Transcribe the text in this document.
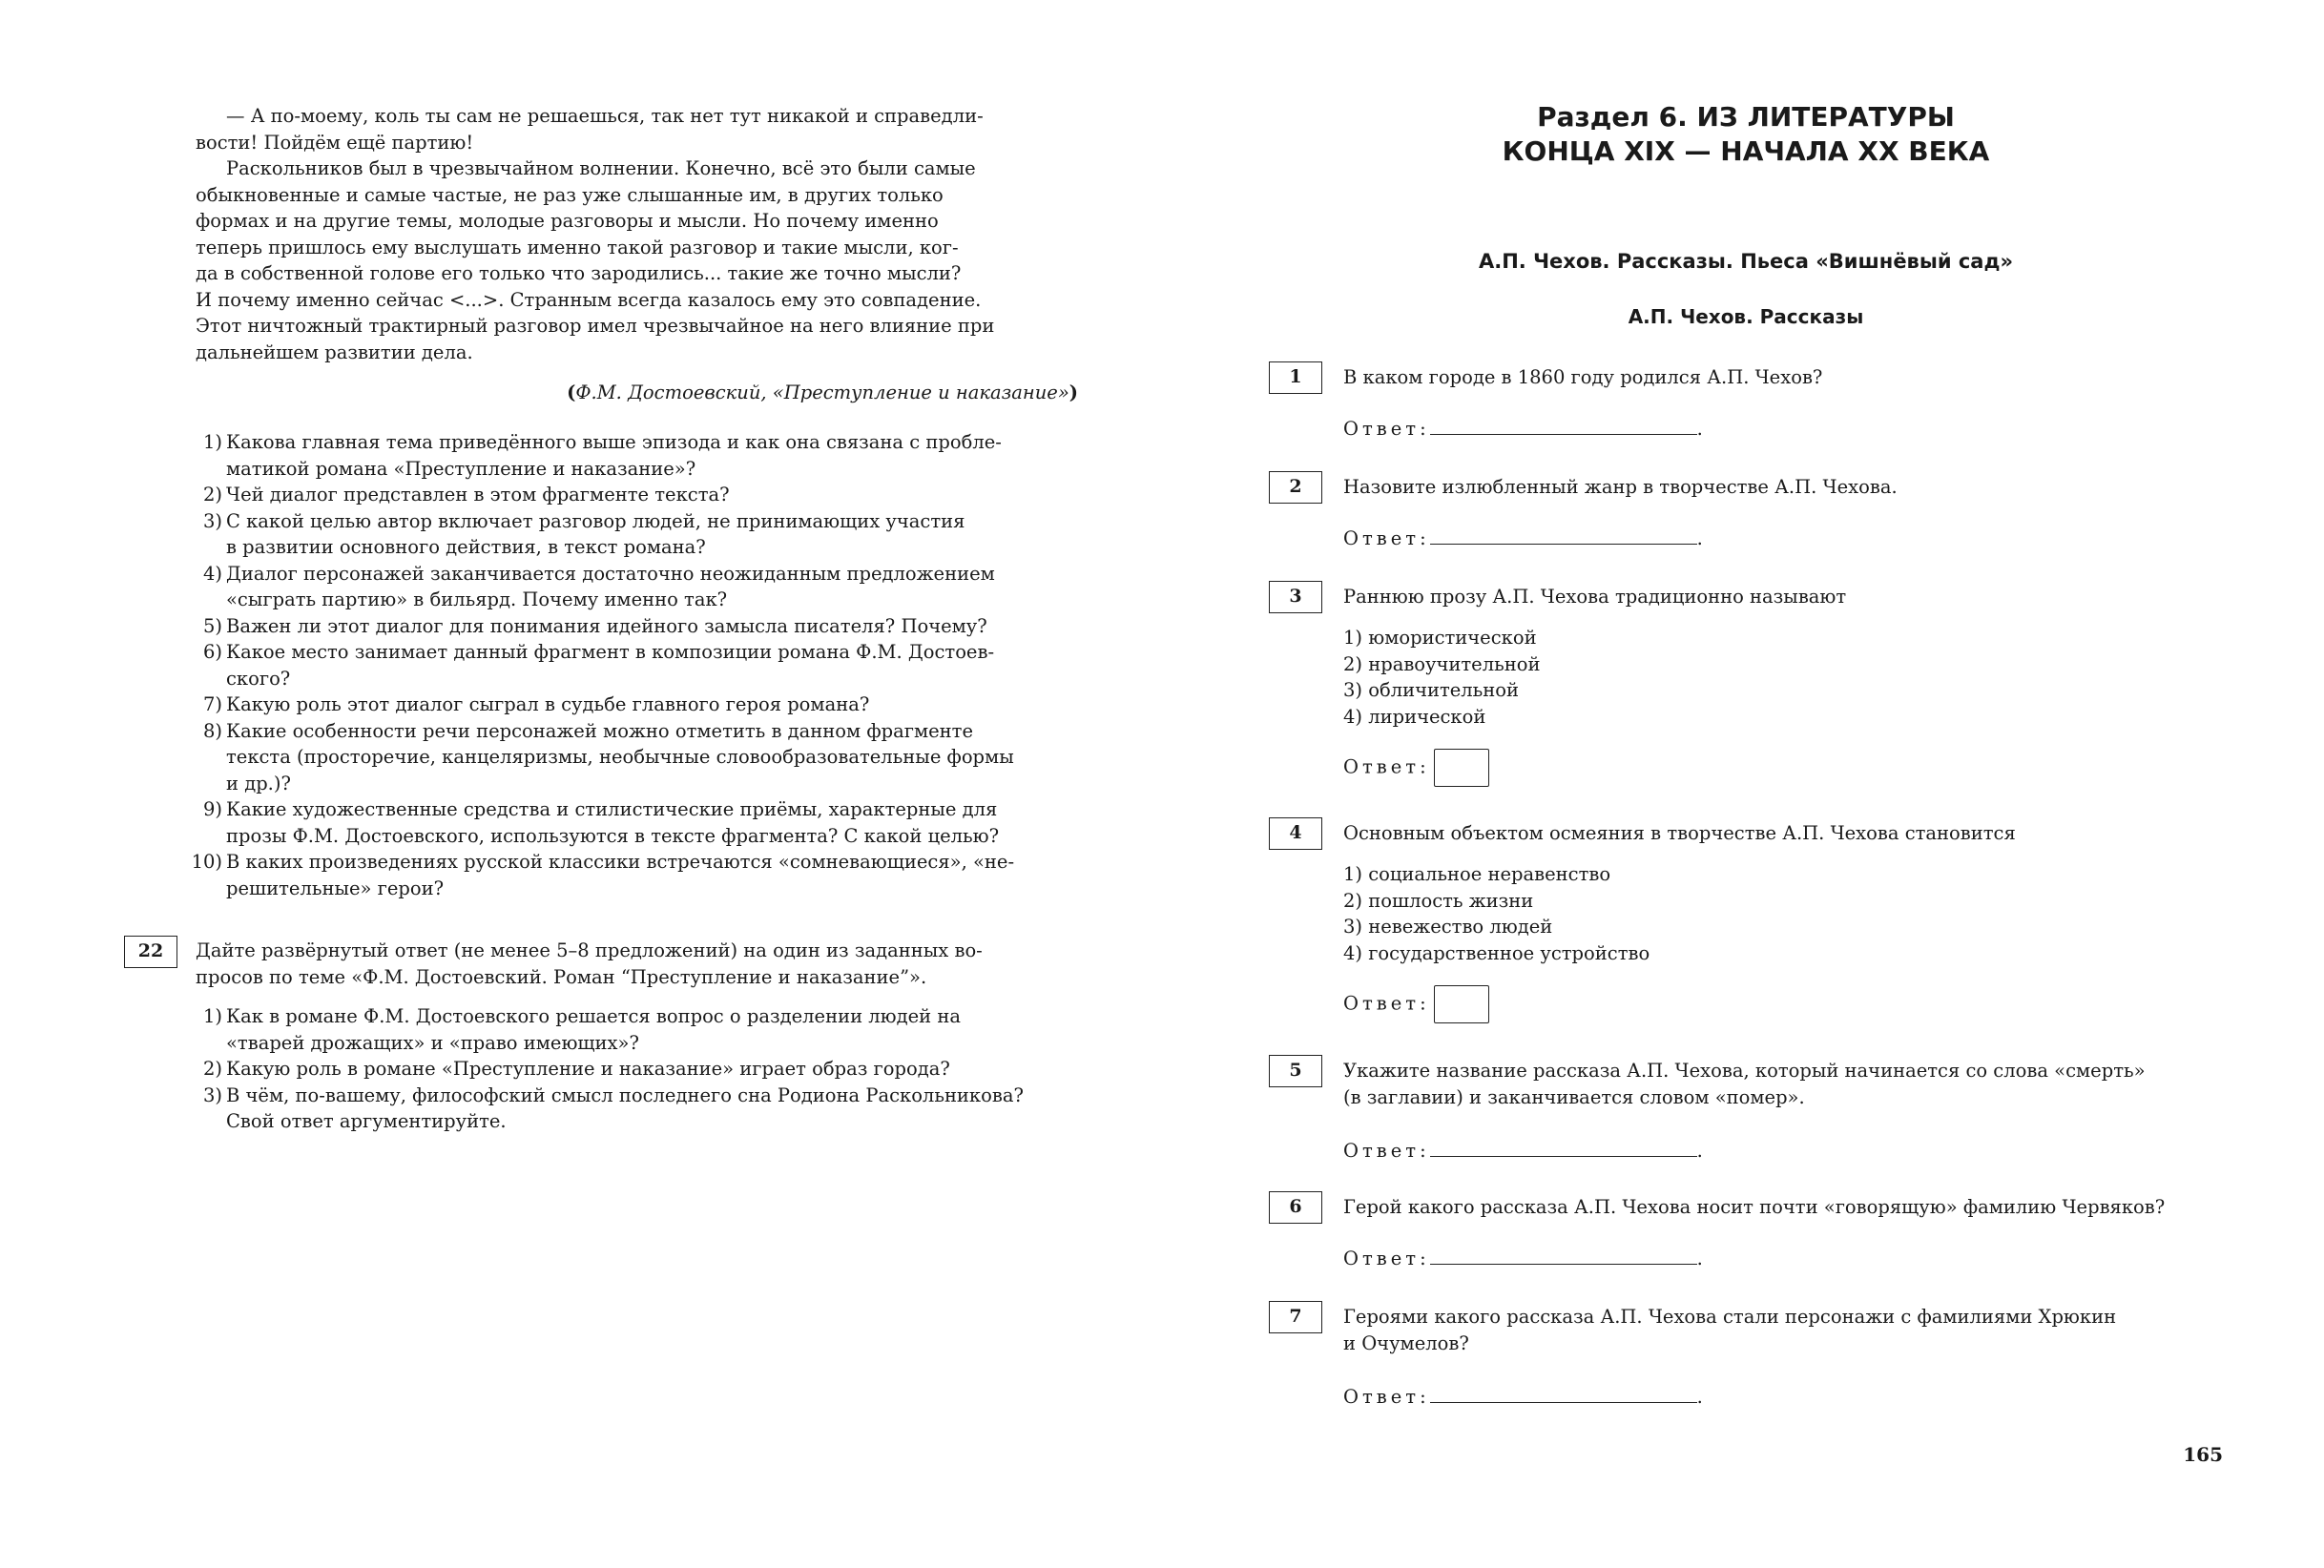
— А по-моему, коль ты сам не решаешься, так нет тут никакой и справедли-
вости! Пойдём ещё партию!
Раскольников был в чрезвычайном волнении. Конечно, всё это были самые
обыкновенные и самые частые, не раз уже слышанные им, в других только
формах и на другие темы, молодые разговоры и мысли. Но почему именно
теперь пришлось ему выслушать именно такой разговор и такие мысли, ког-
да в собственной голове его только что зародились... такие же точно мысли?
И почему именно сейчас <...>. Странным всегда казалось ему это совпадение.
Этот ничтожный трактирный разговор имел чрезвычайное на него влияние при
дальнейшем развитии дела.
(Ф.М. Достоевский, «Преступление и наказание»)
1) Какова главная тема приведённого выше эпизода и как она связана с пробле-
матикой романа «Преступление и наказание»?
2) Чей диалог представлен в этом фрагменте текста?
3) С какой целью автор включает разговор людей, не принимающих участия
в развитии основного действия, в текст романа?
4) Диалог персонажей заканчивается достаточно неожиданным предложением
«сыграть партию» в бильярд. Почему именно так?
5) Важен ли этот диалог для понимания идейного замысла писателя? Почему?
6) Какое место занимает данный фрагмент в композиции романа Ф.М. Достоев-
ского?
7) Какую роль этот диалог сыграл в судьбе главного героя романа?
8) Какие особенности речи персонажей можно отметить в данном фрагменте
текста (просторечие, канцеляризмы, необычные словообразовательные формы
и др.)?
9) Какие художественные средства и стилистические приёмы, характерные для
прозы Ф.М. Достоевского, используются в тексте фрагмента? С какой целью?
10) В каких произведениях русской классики встречаются «сомневающиеся», «не-
решительные» герои?
22	Дайте развёрнутый ответ (не менее 5–8 предложений) на один из заданных во-
просов по теме «Ф.М. Достоевский. Роман “Преступление и наказание”».
1) Как в романе Ф.М. Достоевского решается вопрос о разделении людей на
«тварей дрожащих» и «право имеющих»?
2) Какую роль в романе «Преступление и наказание» играет образ города?
3) В чём, по-вашему, философский смысл последнего сна Родиона Раскольникова?
Свой ответ аргументируйте.
Раздел 6. ИЗ ЛИТЕРАТУРЫ
КОНЦА XIX — НАЧАЛА XX ВЕКА
А.П. Чехов. Рассказы. Пьеса «Вишнёвый сад»
А.П. Чехов. Рассказы
1	В каком городе в 1860 году родился А.П. Чехов?
Ответ:	.
2	Назовите излюбленный жанр в творчестве А.П. Чехова.
Ответ:	.
3	Раннюю прозу А.П. Чехова традиционно называют
1) юмористической
2) нравоучительной
3) обличительной
4) лирической
Ответ:
4	Основным объектом осмеяния в творчестве А.П. Чехова становится
1) социальное неравенство
2) пошлость жизни
3) невежество людей
4) государственное устройство
Ответ:
5	Укажите название рассказа А.П. Чехова, который начинается со слова «смерть»
(в заглавии) и заканчивается словом «помер».
Ответ:	.
6	Герой какого рассказа А.П. Чехова носит почти «говорящую» фамилию Червяков?
Ответ:	.
7	Героями какого рассказа А.П. Чехова стали персонажи с фамилиями Хрюкин
и Очумелов?
Ответ:	.
165
